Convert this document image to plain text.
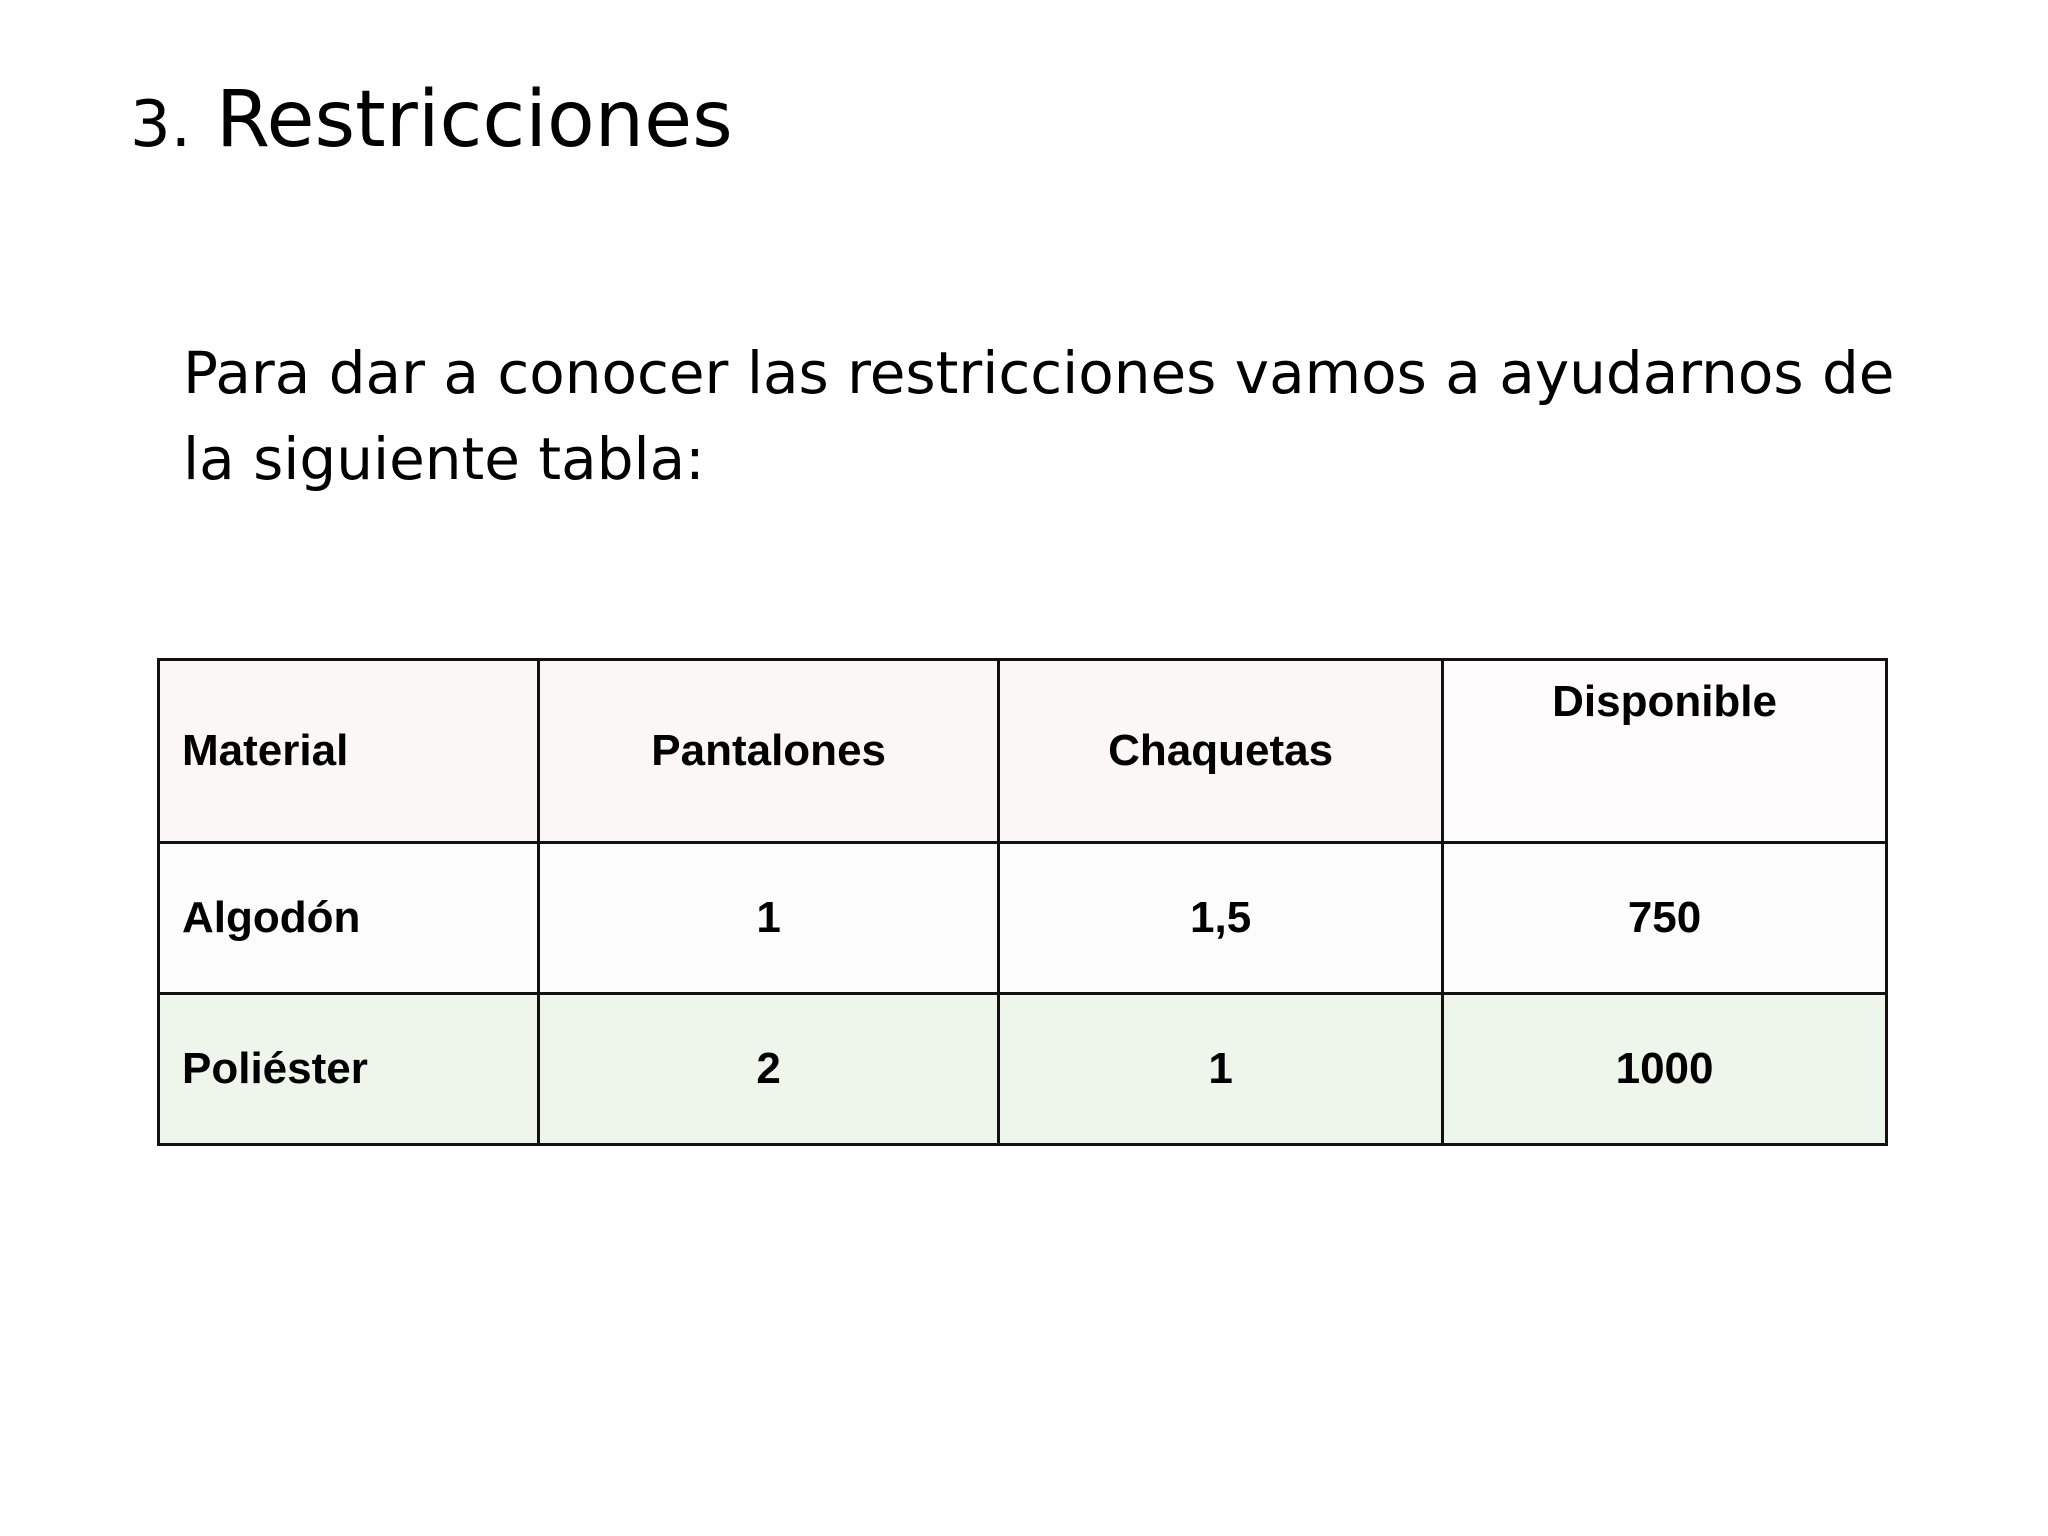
3. Restricciones

Para dar a conocer las restricciones vamos a ayudarnos de la siguiente tabla:

Material	Pantalones	Chaquetas	Disponible
Algodón	1	1,5	750
Poliéster	2	1	1000
